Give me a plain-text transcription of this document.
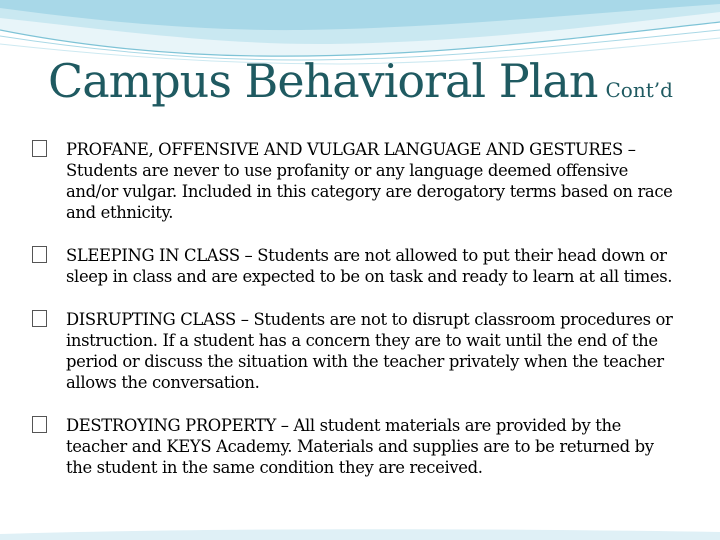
Campus Behavioral Plan Cont’d
PROFANE, OFFENSIVE AND VULGAR LANGUAGE AND GESTURES – Students are never to use profanity or any language deemed offensive and/or vulgar. Included in this category are derogatory terms based on race and ethnicity.
SLEEPING IN CLASS – Students are not allowed to put their head down or sleep in class and are expected to be on task and ready to learn at all times.
DISRUPTING CLASS – Students are not to disrupt classroom procedures or instruction. If a student has a concern they are to wait until the end of the period or discuss the situation with the teacher privately when the teacher allows the conversation.
DESTROYING PROPERTY – All student materials are provided by the teacher and KEYS Academy. Materials and supplies are to be returned by the student in the same condition they are received.
